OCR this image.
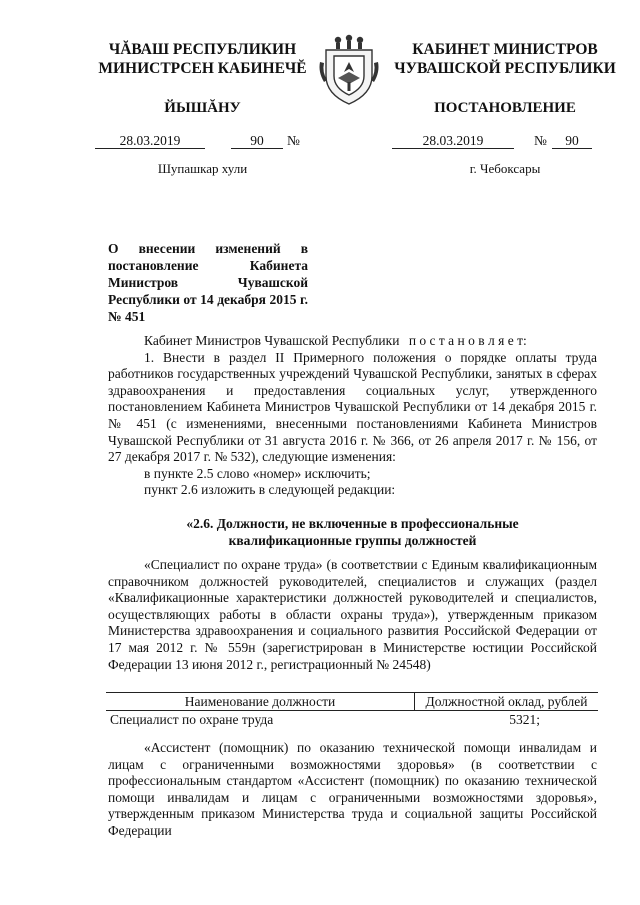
ЧĂВАШ РЕСПУБЛИКИН
МИНИСТРСЕН КАБИНЕЧĔ
КАБИНЕТ МИНИСТРОВ
ЧУВАШСКОЙ РЕСПУБЛИКИ
ЙЫШĂНУ	ПОСТАНОВЛЕНИЕ
28.03.2019	90	№	28.03.2019	№	90
Шупашкар хули	г. Чебоксары
О внесении изменений в постановление Кабинета Министров Чувашской Республики от 14 декабря 2015 г. № 451

Кабинет Министров Чувашской Республики п о с т а н о в л я е т:

1. Внести в раздел II Примерного положения о порядке оплаты труда работников государственных учреждений Чувашской Республики, занятых в сферах здравоохранения и предоставления социальных услуг, утвержденного постановлением Кабинета Министров Чувашской Республики от 14 декабря 2015 г. № 451 (с изменениями, внесенными постановлениями Кабинета Министров Чувашской Республики от 31 августа 2016 г. № 366, от 26 апреля 2017 г. № 156, от 27 декабря 2017 г. № 532), следующие изменения:

в пункте 2.5 слово «номер» исключить;

пункт 2.6 изложить в следующей редакции:

«2.6. Должности, не включенные в профессиональные
квалификационные группы должностей

«Специалист по охране труда» (в соответствии с Единым квалификационным справочником должностей руководителей, специалистов и служащих (раздел «Квалификационные характеристики должностей руководителей и специалистов, осуществляющих работы в области охраны труда»), утвержденным приказом Министерства здравоохранения и социального развития Российской Федерации от 17 мая 2012 г. № 559н (зарегистрирован в Министерстве юстиции Российской Федерации 13 июня 2012 г., регистрационный № 24548)

Наименование должности	Должностной оклад, рублей
Специалист по охране труда	5321;

«Ассистент (помощник) по оказанию технической помощи инвалидам и лицам с ограниченными возможностями здоровья» (в соответствии с профессиональным стандартом «Ассистент (помощник) по оказанию технической помощи инвалидам и лицам с ограниченными возможностями здоровья», утвержденным приказом Министерства труда и социальной защиты Российской Федерации
